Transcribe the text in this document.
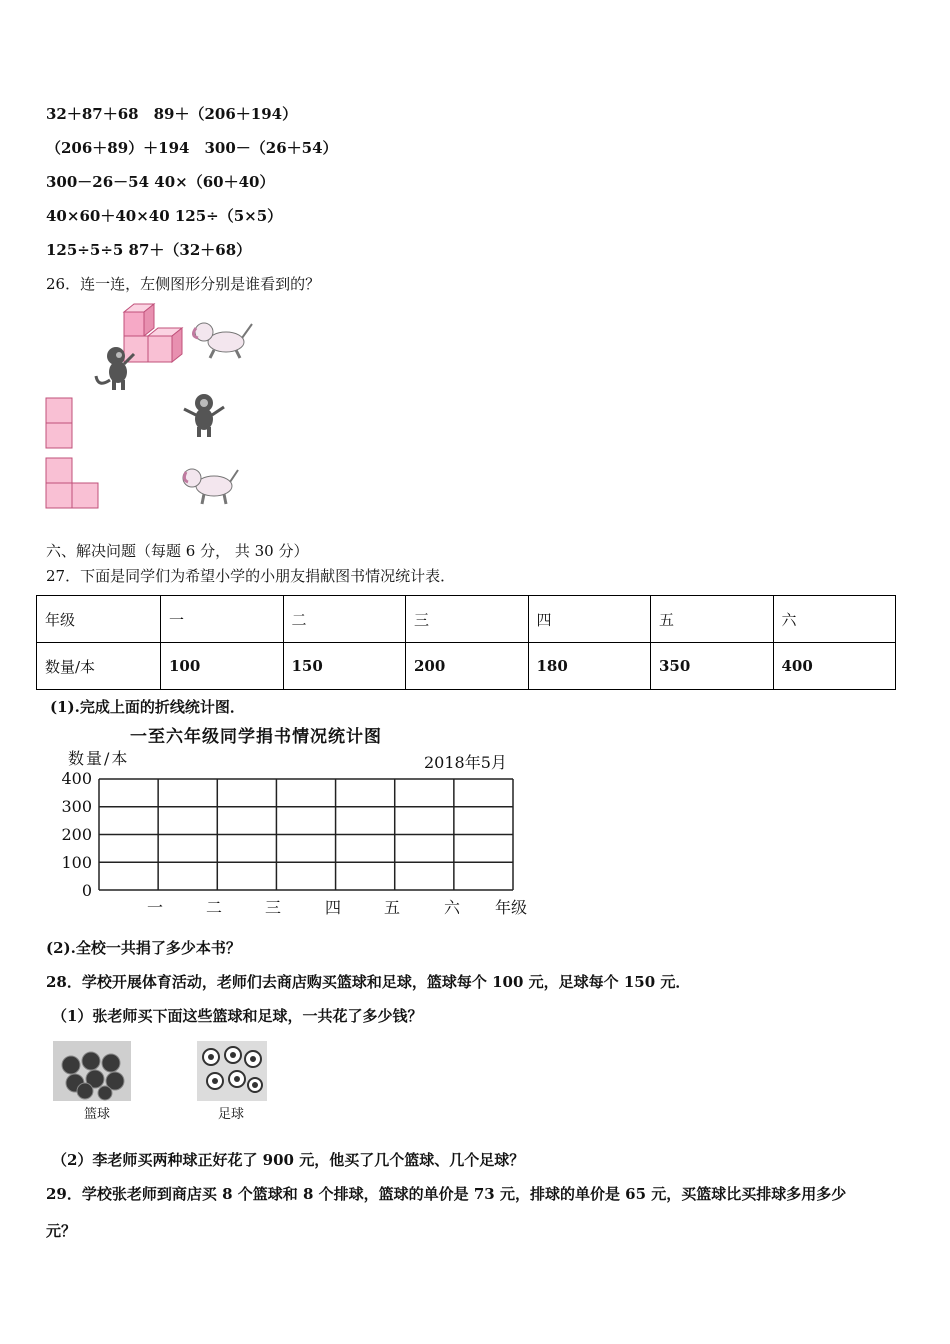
32＋87＋68　89＋（206＋194）
（206＋89）＋194　300－（26＋54）
300－26－54 40×（60＋40）
40×60＋40×40 125÷（5×5）
125÷5÷5 87＋（32＋68）
26．连一连，左侧图形分别是谁看到的？
六、解决问题（每题 6 分， 共 30 分）
27．下面是同学们为希望小学的小朋友捐献图书情况统计表．
年级	一	二	三	四	五	六
数量/本	100	150	200	180	350	400
(1).完成上面的折线统计图．
一至六年级同学捐书情况统计图
数量/本	2018年5月
400
300
200
100
0
一	二	三	四	五	六 年级
(2).全校一共捐了多少本书？
28．学校开展体育活动，老师们去商店购买篮球和足球，篮球每个 100 元，足球每个 150 元．
（1）张老师买下面这些篮球和足球，一共花了多少钱？
篮球	足球
（2）李老师买两种球正好花了 900 元，他买了几个篮球、几个足球？
29．学校张老师到商店买 8 个篮球和 8 个排球，篮球的单价是 73 元，排球的单价是 65 元，买篮球比买排球多用多少
元？
